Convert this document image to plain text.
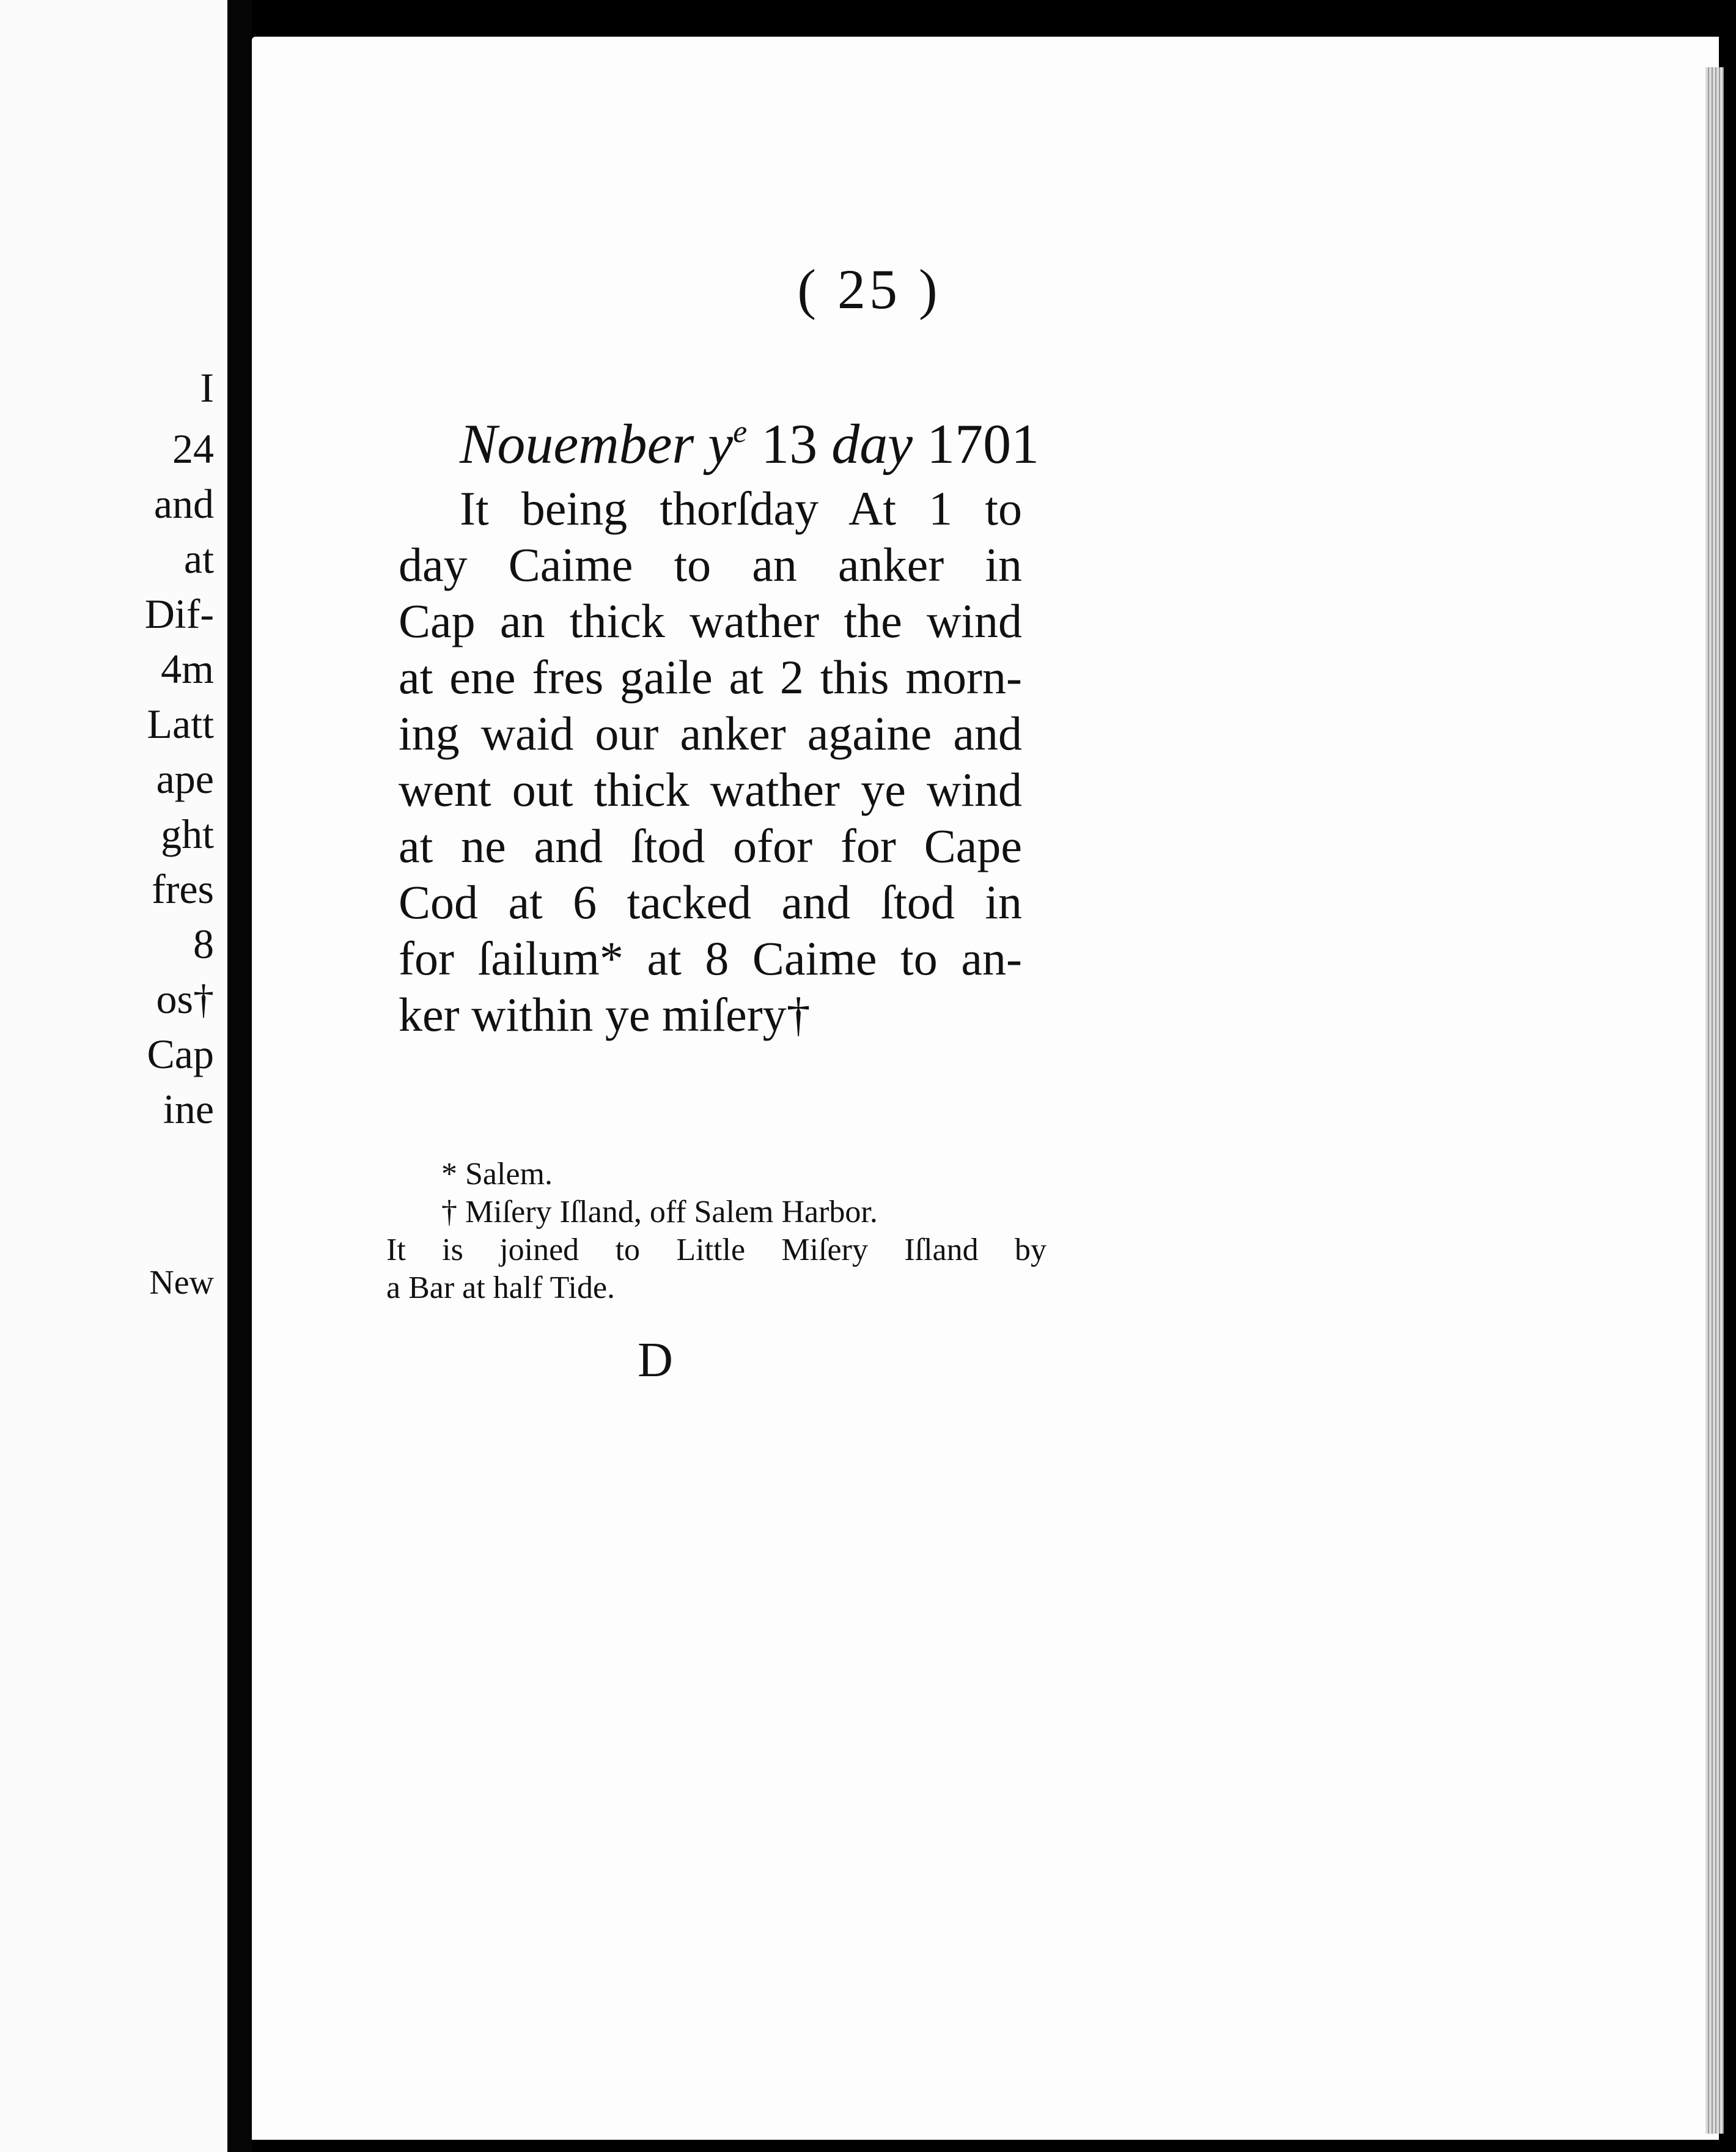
I
24
and
at
Dif-
4m
Latt
ape
ght
fres
8
os†
Cap
ine
New
( 25 )
Nouember $y^e$ 13 day 1701
It being thorſday At 1 to
day Caime to an anker in
Cap an thick wather the wind
at ene fres gaile at 2 this morn-
ing waid our anker againe and
went out thick wather ye wind
at ne and ſtod ofor for Cape
Cod at 6 tacked and ſtod in
for ſailum* at 8 Caime to an-
ker within ye miſery†
* Salem.
† Miſery Iſland, off Salem Harbor.
It is joined to Little Miſery Iſland by
a Bar at half Tide.
D
